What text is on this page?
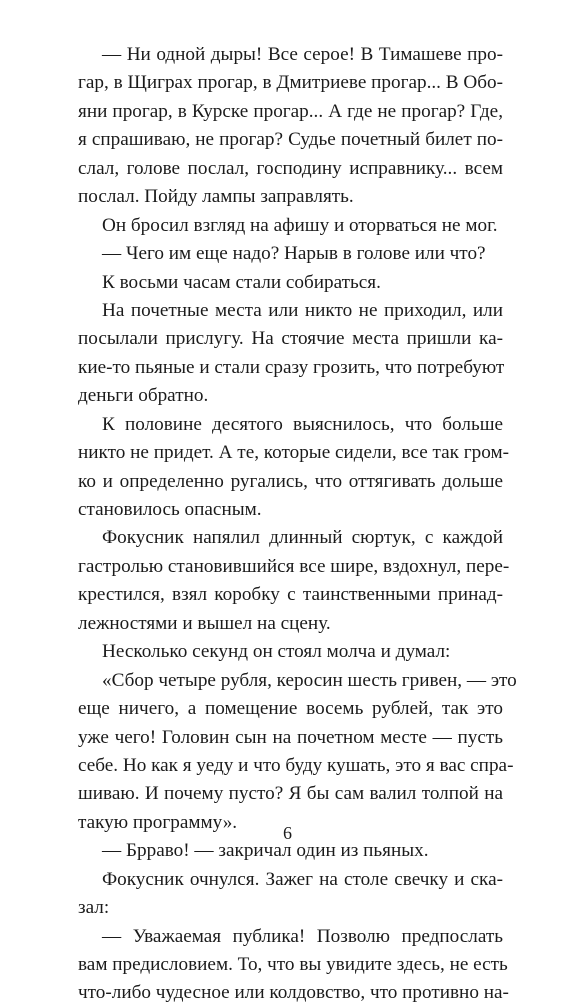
— Ни одной дыры! Все серое! В Тимашеве про-
гар, в Щиграх прогар, в Дмитриеве прогар... В Обо-
яни прогар, в Курске прогар... А где не прогар? Где,
я спрашиваю, не прогар? Судье почетный билет по-
слал, голове послал, господину исправнику... всем
послал. Пойду лампы заправлять.
Он бросил взгляд на афишу и оторваться не мог.
— Чего им еще надо? Нарыв в голове или что?
К восьми часам стали собираться.
На почетные места или никто не приходил, или
посылали прислугу. На стоячие места пришли ка-
кие-то пьяные и стали сразу грозить, что потребуют
деньги обратно.
К половине десятого выяснилось, что больше
никто не придет. А те, которые сидели, все так гром-
ко и определенно ругались, что оттягивать дольше
становилось опасным.
Фокусник напялил длинный сюртук, с каждой
гастролью становившийся все шире, вздохнул, пере-
крестился, взял коробку с таинственными принад-
лежностями и вышел на сцену.
Несколько секунд он стоял молча и думал:
«Сбор четыре рубля, керосин шесть гривен, — это
еще ничего, а помещение восемь рублей, так это
уже чего! Головин сын на почетном месте — пусть
себе. Но как я уеду и что буду кушать, это я вас спра-
шиваю. И почему пусто? Я бы сам валил толпой на
такую программу».
— Брраво! — закричал один из пьяных.
Фокусник очнулся. Зажег на столе свечку и ска-
зал:
— Уважаемая публика! Позволю предпослать
вам предисловием. То, что вы увидите здесь, не есть
что-либо чудесное или колдовство, что противно на-
6
